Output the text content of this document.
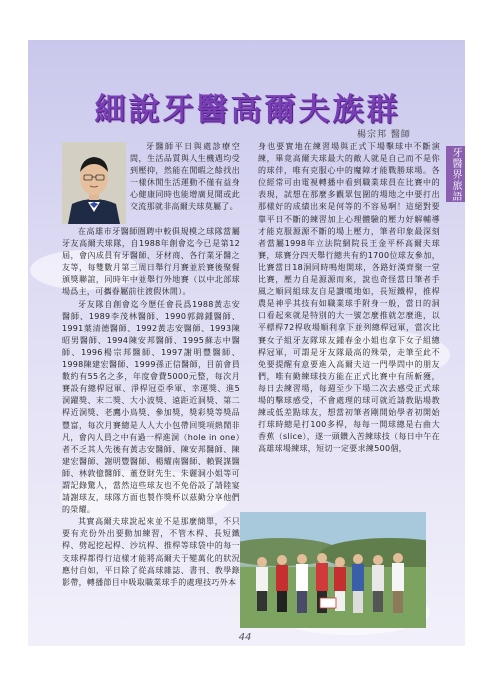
牙醫界旅語
細說牙醫高爾夫族群
楊宗邦 醫師

牙醫師平日與處診療空間，生活品質與人生機遇均受到壓抑，然能在閒暇之餘找出一樣休閒生活運動不僅有益身心健康同時也能增廣見聞或此交流那就非高爾夫球莫屬了。

在高雄市牙醫師圈聘中較俱規模之球隊當屬牙友高爾夫球隊，自1988年創會迄今已是第12屆，會內成員有牙醫師、牙材商、各行業牙醫之友等，每雙數月第三周日舉行月賽並於賽後聚餐頒獎聯誼，同時年中並舉行外地賽（以中北部球場爲主，可攜眷屬前往渡假休閒）。

牙友隊自創會迄今歷任會長爲1988黃志安醫師、1989李茂林醫師、1990郭錦鍾醫師、1991葉清德醫師、1992黃志安醫師、1993陳昭男醫師、1994陳安邦醫師、1995蘇志中醫師、1996楊宗邦醫師、1997謝明豐醫師、1998陳建宏醫師、1999孫正信醫師，目前會員數約有55名之多，年度會費5000元整，每次月賽設有總桿冠軍、淨桿冠亞季軍、幸運獎、進5洞躍獎、末二獎、大小波獎、遠距近洞獎、第二桿近洞獎、老鷹小鳥獎、參加獎，獎彩獎等獎品豐富，每次月賽總是人人大小包帶回獎項熱鬧非凡，會內人員之中有過一桿進洞（hole in one）者不乏其人先後有黃志安醫師、陳安邦醫師、陳建宏醫師、謝明豐醫師、楊耀南醫師、賴賢謀醫師、林敦億醫師、董登財先生、朱麗洞小姐等可謂記錄驚人，當然這些球友也不免俗設了請陸宴請謝球友，球隊方面也製作獎杯以茲勤分享他們的榮耀。

其實高爾夫球說起來並不是那麼簡單，不只要有充份外出要動加練習，不管木桿、長短鐵桿、劈起挖起桿、沙坑桿、推桿等球袋中的每一支球桿都得行這樣才能將高爾夫于變萬化的狀況應付自如，平日除了從高球雜誌、書刊、教學錄影帶，轉播節目中吸取職業球手的處理技巧外本

身也要實地在練習場與正式下場擊球中不斷演練，畢竟高爾夫球最大的敵人就是自己而不是你的球伴，唯有克服心中的魔障才能戰勝球場。各位經常可由電視轉播中看到職業球員在比賽中的表現，試想在那麼多觀眾包圍的場地之中要打出那樣好的成績出來是何等的不容易啊！這絕對要靠平日不斷的練習加上心理體驗的壓力好解輔導才能克服源源不斷的場上壓力，筆者印象最深刻者當屬1998年立法院網院長王金平杯高爾夫球賽，球賽分四天舉行總共有約1700位球友參加，比賽當日18洞同時鳴炮開球，各路好漢齊聚一堂比賽，壓力自是源源而來，說也奇怪當日筆者手風之順同組球友自是讚嘆地如，長短鐵桿，推桿農是神乎其技有如職業球手附身一般，當日的洞口看起來就是特別的大一號怎麼推就怎麼進，以平標桿72桿收場順利拿下並列總桿冠軍，當次比賽女子組牙友隊球友鍾春金小姐也拿下女子組總桿冠軍，可謂是牙友隊最高的殊榮，走筆至此不免要提醒有意要進入高爾夫這一門學問中的朋友們，唯有勤練球技方能在正式比賽中有所斬獲，每日去練習場，每週至少下場二次去感受正式球場的擊球感受，不會處理的球可就近請教貼場教練或低差點球友，想當初筆者剛開始學者初開始打球時總是打100多桿，每每一開球總是右曲大香蕉（slice），遂一頭鑽入苦練球技（每日中午在高雄球場練球，短切一定要求練500個，

44
